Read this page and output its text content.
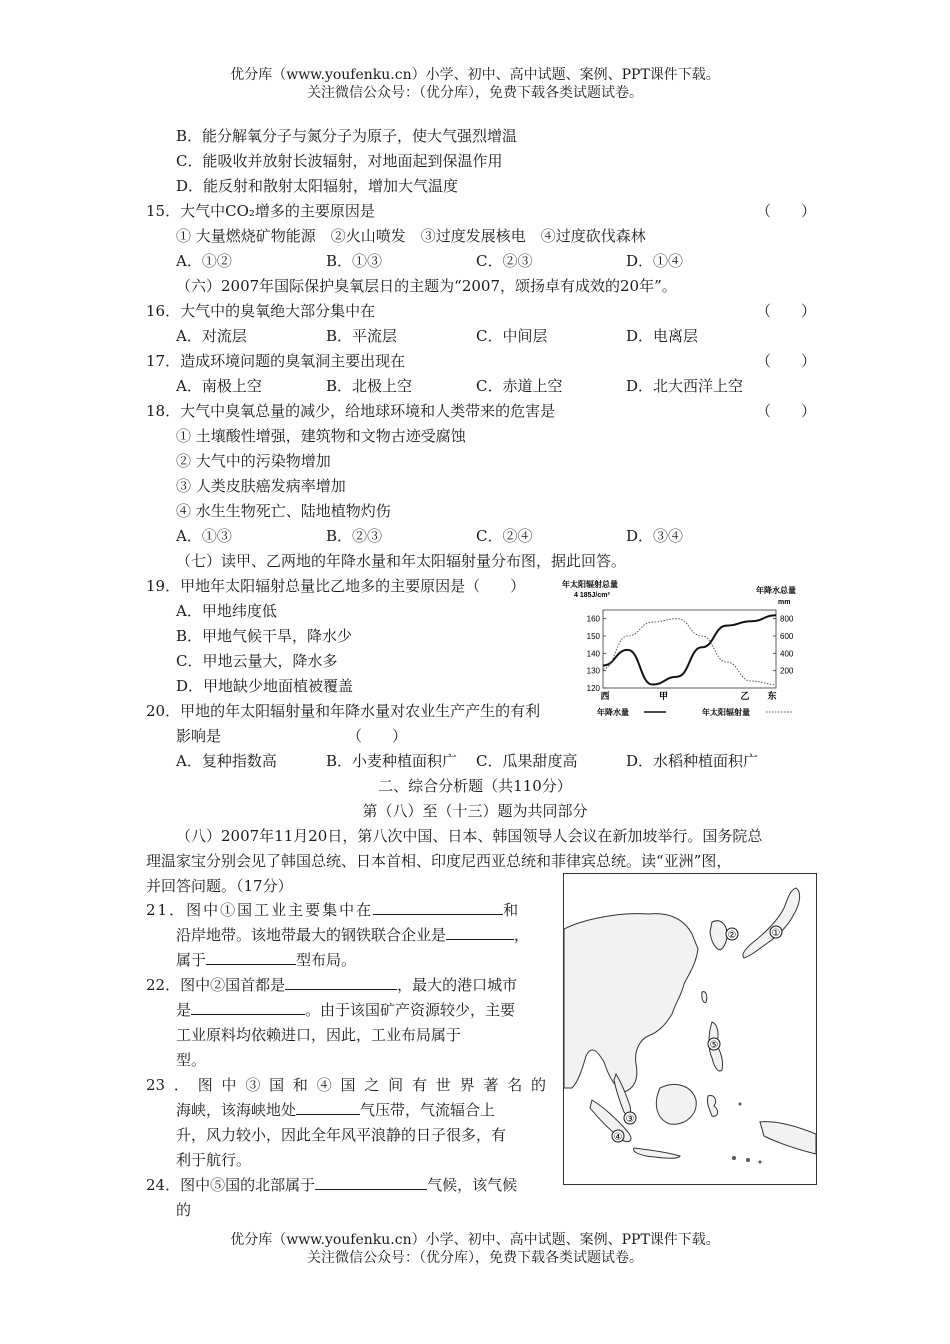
优分库（www.youfenku.cn）小学、初中、高中试题、案例、PPT课件下载。
关注微信公众号：（优分库），免费下载各类试题试卷。
B．能分解氧分子与氮分子为原子，使大气强烈增温
C．能吸收并放射长波辐射，对地面起到保温作用
D．能反射和散射太阳辐射，增加大气温度
15．大气中CO₂增多的主要原因是	（　　）
① 大量燃烧矿物能源　②火山喷发　③过度发展核电　④过度砍伐森林
A．①②	B．①③	C．②③	D．①④
（六）2007年国际保护臭氧层日的主题为“2007，颂扬卓有成效的20年”。
16．大气中的臭氧绝大部分集中在	（　　）
A．对流层	B．平流层	C．中间层	D．电离层
17．造成环境问题的臭氧洞主要出现在	（　　）
A．南极上空	B．北极上空	C．赤道上空	D．北大西洋上空
18．大气中臭氧总量的减少，给地球环境和人类带来的危害是	（　　）
① 土壤酸性增强，建筑物和文物古迹受腐蚀
② 大气中的污染物增加
③ 人类皮肤癌发病率增加
④ 水生生物死亡、陆地植物灼伤
A．①③	B．②③	C．②④	D．③④
（七）读甲、乙两地的年降水量和年太阳辐射量分布图，据此回答。
19．甲地年太阳辐射总量比乙地多的主要原因是（　　）
A．甲地纬度低
B．甲地气候干旱，降水少
C．甲地云量大，降水多
D．甲地缺少地面植被覆盖
年太阳辐射总量
4 185J/cm²
年降水总量
mm
120
130
140
150
160
200
400
600
800
西	甲	乙 东
年降水量	年太阳辐射量
20．甲地的年太阳辐射量和年降水量对农业生产产生的有利
影响是	（　　）
A．复种指数高	B．小麦种植面积广 C．瓜果甜度高	D．水稻种植面积广
二、综合分析题（共110分）
第（八）至（十三）题为共同部分
（八）2007年11月20日，第八次中国、日本、韩国领导人会议在新加坡举行。国务院总
理温家宝分别会见了韩国总统、日本首相、印度尼西亚总统和菲律宾总统。读“亚洲”图，
并回答问题。（17分）
①
②
③
④
⑤
21．图中①国工业主要集中在	和
沿岸地带。该地带最大的钢铁联合企业是	，
属于	型布局。
22．图中②国首都是	，最大的港口城市
是	。由于该国矿产资源较少，主要
工业原料均依赖进口，因此，工业布局属于
型。
23．图中③国和④国之间有世界著名的
海峡，该海峡地处	气压带，气流辐合上
升，风力较小，因此全年风平浪静的日子很多，有
利于航行。
24．图中⑤国的北部属于	气候，该气候
的
优分库（www.youfenku.cn）小学、初中、高中试题、案例、PPT课件下载。
关注微信公众号：（优分库），免费下载各类试题试卷。
